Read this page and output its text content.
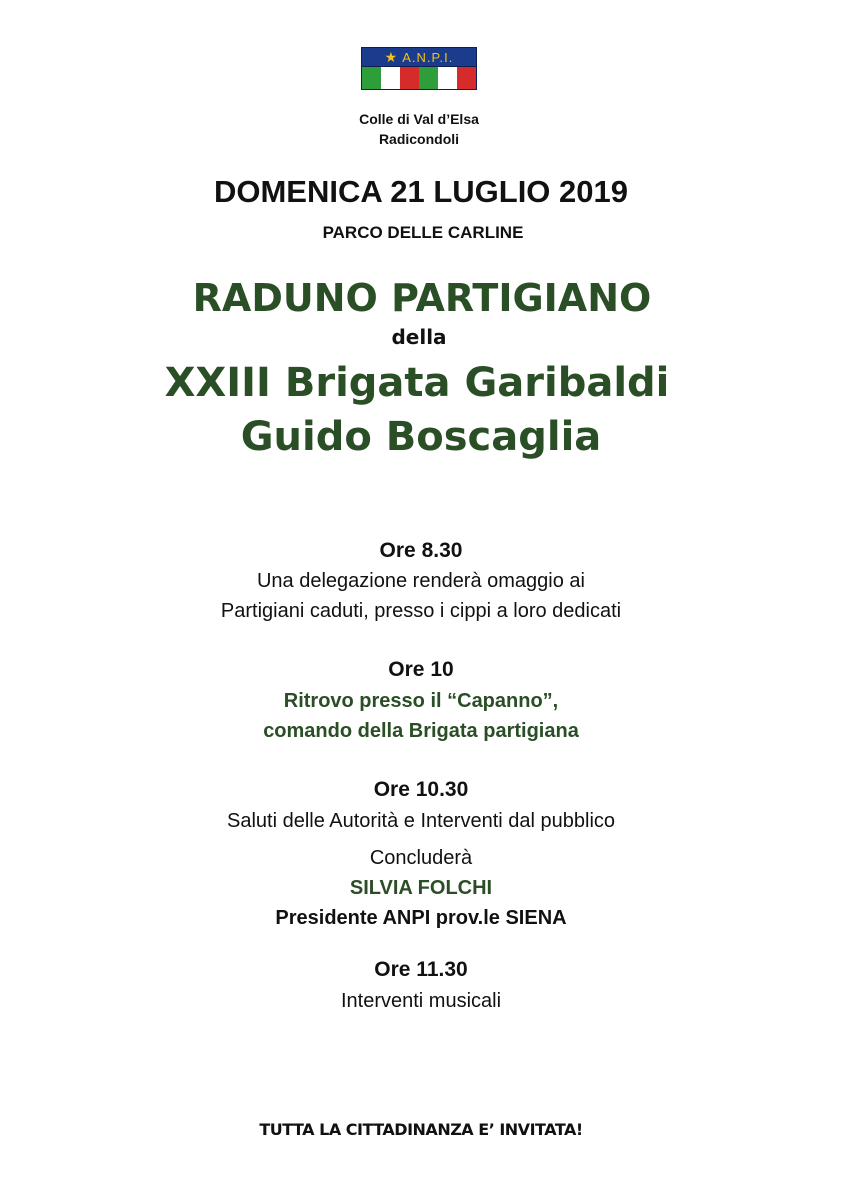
★ A.N.P.I.
Colle di Val d’Elsa
Radicondoli
DOMENICA 21 LUGLIO 2019
PARCO DELLE CARLINE
RADUNO PARTIGIANO
della
XXIII Brigata Garibaldi
Guido Boscaglia
Ore 8.30
Una delegazione renderà omaggio ai
Partigiani caduti, presso i cippi a loro dedicati
Ore 10
Ritrovo presso il “Capanno”,
comando della Brigata partigiana
Ore 10.30
Saluti delle Autorità e Interventi dal pubblico
Concluderà
SILVIA FOLCHI
Presidente ANPI prov.le SIENA
Ore 11.30
Interventi musicali
TUTTA LA CITTADINANZA E’ INVITATA!
